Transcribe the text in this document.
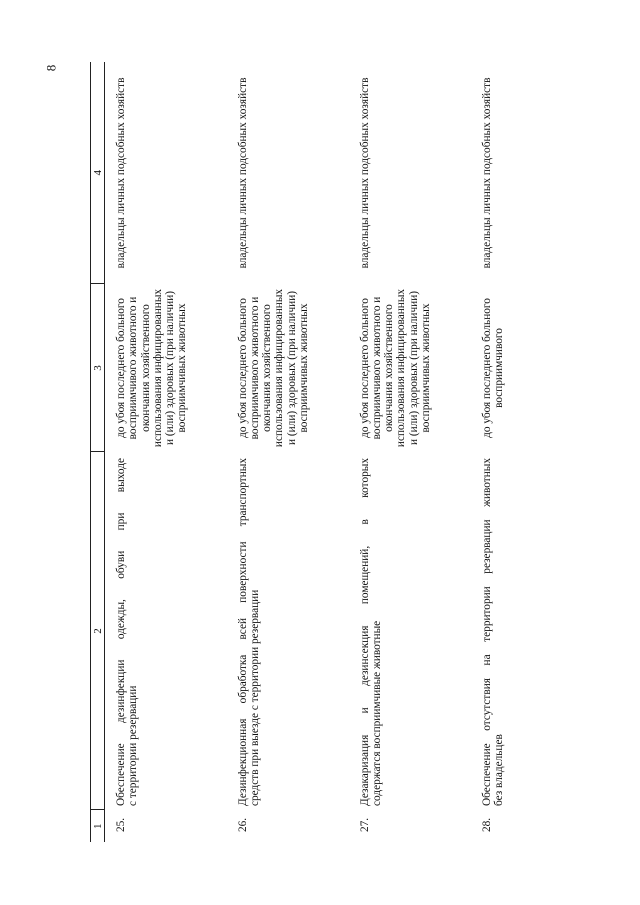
8
1	2	3	4
25.	Обеспечение дезинфекции одежды, обуви при выходе с территории резервации	до убоя последнего больного восприимчивого животного и окончания хозяйственного использования инфицированных и (или) здоровых (при наличии) восприимчивых животных	владельцы личных подсобных хозяйств
26.	Дезинфекционная обработка всей поверхности транспортных средств при выезде с территории резервации	до убоя последнего больного восприимчивого животного и окончания хозяйственного использования инфицированных и (или) здоровых (при наличии) восприимчивых животных	владельцы личных подсобных хозяйств
27.	Дезакаризация и дезинсекция помещений, в которых содержатся восприимчивые животные	до убоя последнего больного восприимчивого животного и окончания хозяйственного использования инфицированных и (или) здоровых (при наличии) восприимчивых животных	владельцы личных подсобных хозяйств
28.	Обеспечение отсутствия на территории резервации животных без владельцев	до убоя последнего больного восприимчивого	владельцы личных подсобных хозяйств
